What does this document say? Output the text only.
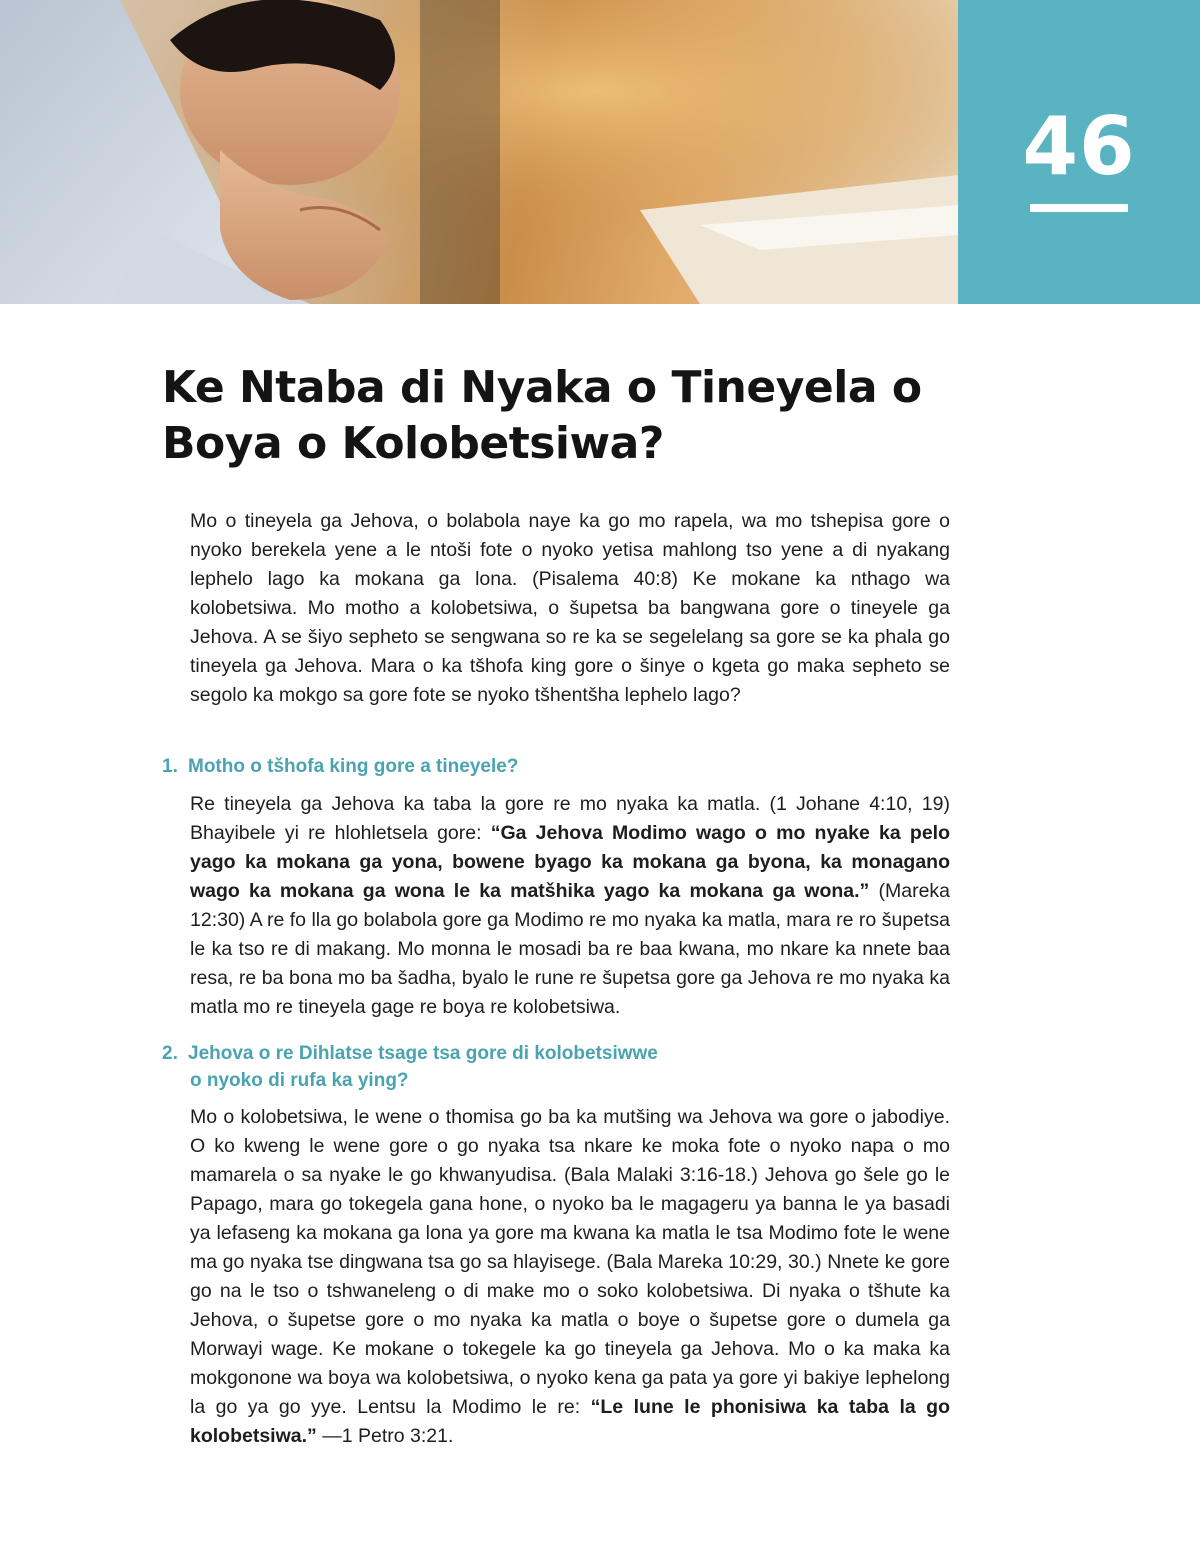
46
Ke Ntaba di Nyaka o Tineyela o
Boya o Kolobetsiwa?

Mo o tineyela ga Jehova, o bolabola naye ka go mo rapela, wa mo tshepisa gore o nyoko berekela yene a le ntoši fote o nyoko yetisa mahlong tso yene a di nyakang lephelo lago ka mokana ga lona. (Pisalema 40:8) Ke mokane ka nthago wa kolobetsiwa. Mo motho a kolobetsiwa, o šupetsa ba bangwana gore o tineyele ga Jehova. A se šiyo sepheto se sengwana so re ka se segelelang sa gore se ka phala go tineyela ga Jehova. Mara o ka tšhofa king gore o šinye o kgeta go maka sepheto se segolo ka mokgo sa gore fote se nyoko tšhentšha lephelo lago?

1. Motho o tšhofa king gore a tineyele?

Re tineyela ga Jehova ka taba la gore re mo nyaka ka matla. (1 Johane 4:10, 19) Bhayibele yi re hlohletsela gore: “Ga Jehova Modimo wago o mo nyake ka pelo yago ka mokana ga yona, bowene byago ka mokana ga byona, ka monagano wago ka mokana ga wona le ka matšhika yago ka mokana ga wona.” (Mareka 12:30) A re fo lla go bolabola gore ga Modimo re mo nyaka ka matla, mara re ro šupetsa le ka tso re di makang. Mo monna le mosadi ba re baa kwana, mo nkare ka nnete baa resa, re ba bona mo ba šadha, byalo le rune re šupetsa gore ga Jehova re mo nyaka ka matla mo re tineyela gage re boya re kolobetsiwa.

2. Jehova o re Dihlatse tsage tsa gore di kolobetsiwwe
o nyoko di rufa ka ying?

Mo o kolobetsiwa, le wene o thomisa go ba ka mutšing wa Jehova wa gore o jabodiye. O ko kweng le wene gore o go nyaka tsa nkare ke moka fote o nyoko napa o mo mamarela o sa nyake le go khwanyudisa. (Bala Malaki 3:16-18.) Jehova go šele go le Papago, mara go tokegela gana hone, o nyoko ba le magageru ya banna le ya basadi ya lefaseng ka mokana ga lona ya gore ma kwana ka matla le tsa Modimo fote le wene ma go nyaka tse dingwana tsa go sa hlayisege. (Bala Mareka 10:29, 30.) Nnete ke gore go na le tso o tshwaneleng o di make mo o soko kolobetsiwa. Di nyaka o tšhute ka Jehova, o šupetse gore o mo nyaka ka matla o boye o šupetse gore o dumela ga Morwayi wage. Ke mokane o tokegele ka go tineyela ga Jehova. Mo o ka maka ka mokgonone wa boya wa kolobetsiwa, o nyoko kena ga pata ya gore yi bakiye lephelong la go ya go yye. Lentsu la Modimo le re: “Le lune le phonisiwa ka taba la go kolobetsiwa.” —1 Petro 3:21.
